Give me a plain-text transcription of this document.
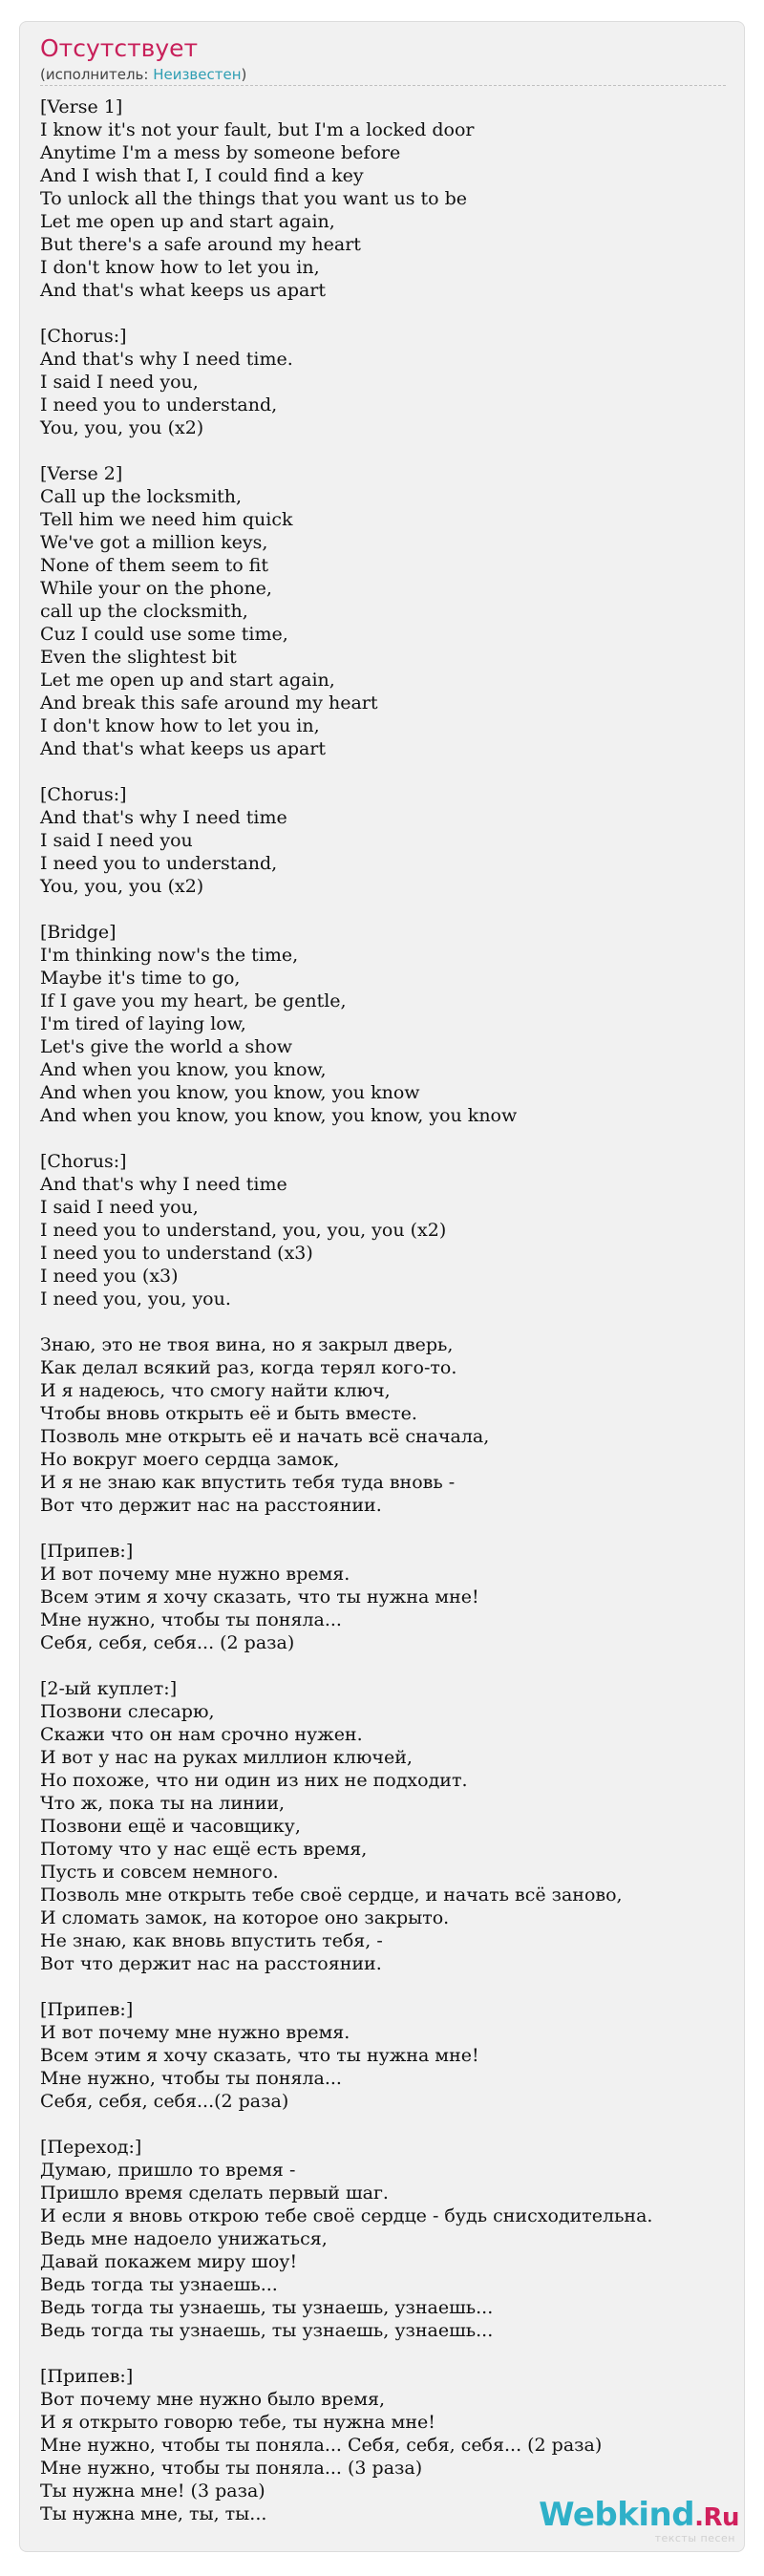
Отсутствует
(исполнитель: Неизвестен)
[Verse 1]
I know it's not your fault, but I'm a locked door
Anytime I'm a mess by someone before
And I wish that I, I could find a key
To unlock all the things that you want us to be
Let me open up and start again,
But there's a safe around my heart
I don't know how to let you in,
And that's what keeps us apart

[Chorus:]
And that's why I need time.
I said I need you,
I need you to understand,
You, you, you (x2)

[Verse 2]
Call up the locksmith,
Tell him we need him quick
We've got a million keys,
None of them seem to fit
While your on the phone,
call up the clocksmith,
Cuz I could use some time,
Even the slightest bit
Let me open up and start again,
And break this safe around my heart
I don't know how to let you in,
And that's what keeps us apart

[Chorus:]
And that's why I need time
I said I need you
I need you to understand,
You, you, you (x2)

[Bridge]
I'm thinking now's the time,
Maybe it's time to go,
If I gave you my heart, be gentle,
I'm tired of laying low,
Let's give the world a show
And when you know, you know,
And when you know, you know, you know
And when you know, you know, you know, you know

[Chorus:]
And that's why I need time
I said I need you,
I need you to understand, you, you, you (x2)
I need you to understand (x3)
I need you (x3)
I need you, you, you.

Знаю, это не твоя вина, но я закрыл дверь,
Как делал всякий раз, когда терял кого-то.
И я надеюсь, что смогу найти ключ,
Чтобы вновь открыть её и быть вместе.
Позволь мне открыть её и начать всё сначала,
Но вокруг моего сердца замок,
И я не знаю как впустить тебя туда вновь -
Вот что держит нас на расстоянии.

[Припев:]
И вот почему мне нужно время.
Всем этим я хочу сказать, что ты нужна мне!
Мне нужно, чтобы ты поняла...
Себя, себя, себя... (2 раза)

[2-ый куплет:]
Позвони слесарю,
Скажи что он нам срочно нужен.
И вот у нас на руках миллион ключей,
Но похоже, что ни один из них не подходит.
Что ж, пока ты на линии,
Позвони ещё и часовщику,
Потому что у нас ещё есть время,
Пусть и совсем немного.
Позволь мне открыть тебе своё сердце, и начать всё заново,
И сломать замок, на которое оно закрыто.
Не знаю, как вновь впустить тебя, -
Вот что держит нас на расстоянии.

[Припев:]
И вот почему мне нужно время.
Всем этим я хочу сказать, что ты нужна мне!
Мне нужно, чтобы ты поняла...
Себя, себя, себя...(2 раза)

[Переход:]
Думаю, пришло то время -
Пришло время сделать первый шаг.
И если я вновь открою тебе своё сердце - будь снисходительна.
Ведь мне надоело унижаться,
Давай покажем миру шоу!
Ведь тогда ты узнаешь...
Ведь тогда ты узнаешь, ты узнаешь, узнаешь...
Ведь тогда ты узнаешь, ты узнаешь, узнаешь...

[Припев:]
Вот почему мне нужно было время,
И я открыто говорю тебе, ты нужна мне!
Мне нужно, чтобы ты поняла... Себя, себя, себя... (2 раза)
Мне нужно, чтобы ты поняла... (3 раза)
Ты нужна мне! (3 раза)
Ты нужна мне, ты, ты...	Webkind.Ru
тексты песен
